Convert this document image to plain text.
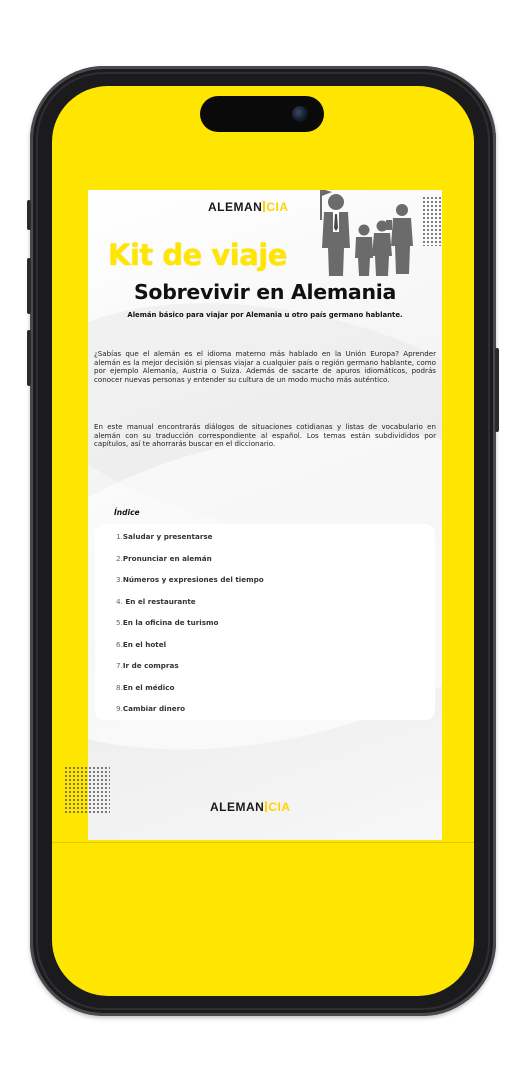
ALEMAN CIA
Kit de viaje
Sobrevivir en Alemania
Alemán básico para viajar por Alemania u otro país germano hablante.
¿Sabías que el alemán es el idioma materno más hablado en la Unión Europa? Aprender alemán es la mejor decisión si piensas viajar a cualquier país o región germano hablante, como por ejemplo Alemania, Austria o Suiza. Además de sacarte de apuros idiomáticos, podrás conocer nuevas personas y entender su cultura de un modo mucho más auténtico.
En este manual encontrarás diálogos de situaciones cotidianas y listas de vocabulario en alemán con su traducción correspondiente al español. Los temas están subdivididos por capítulos, así te ahorrarás buscar en el diccionario.
Índice
1.Saludar y presentarse
2.Pronunciar en alemán
3.Números y expresiones del tiempo
4. En el restaurante
5.En la oficina de turismo
6.En el hotel
7.Ir de compras
8.En el médico
9.Cambiar dinero
ALEMAN CIA
